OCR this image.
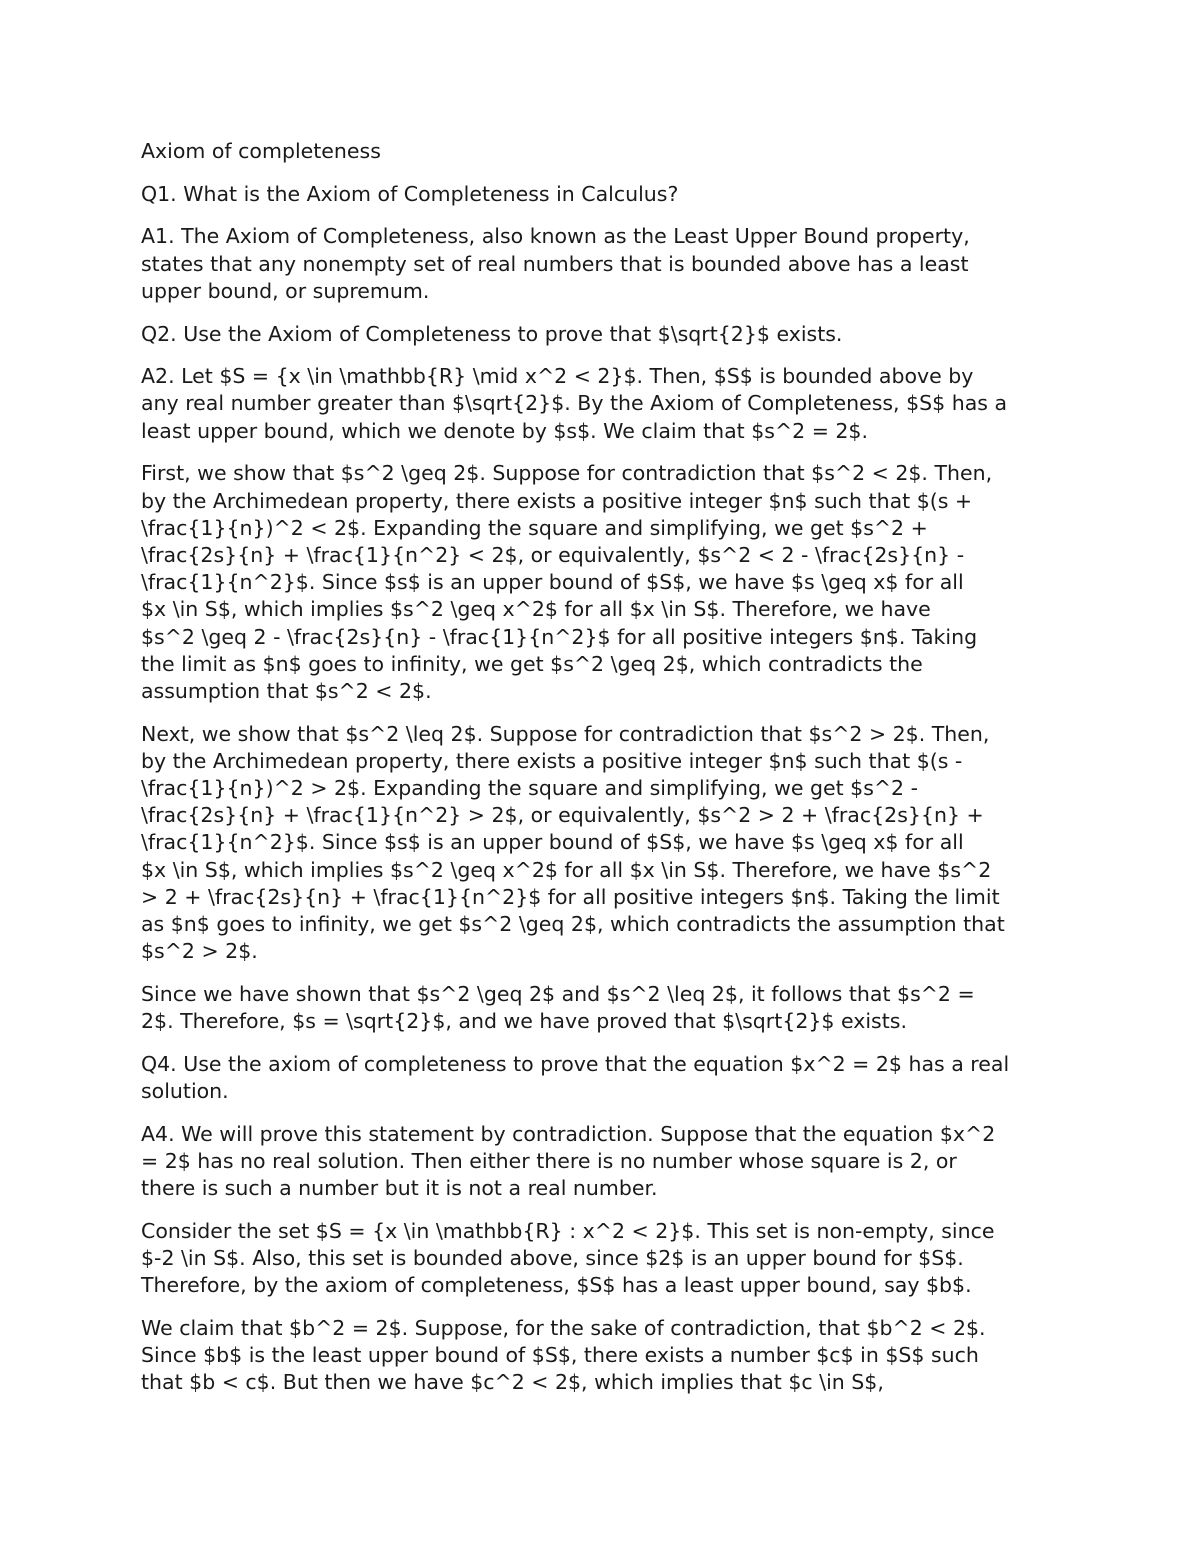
Axiom of completeness

Q1. What is the Axiom of Completeness in Calculus?

A1. The Axiom of Completeness, also known as the Least Upper Bound property,
states that any nonempty set of real numbers that is bounded above has a least
upper bound, or supremum.

Q2. Use the Axiom of Completeness to prove that $\sqrt{2}$ exists.

A2. Let $S = {x \in \mathbb{R} \mid x^2 < 2}$. Then, $S$ is bounded above by
any real number greater than $\sqrt{2}$. By the Axiom of Completeness, $S$ has a
least upper bound, which we denote by $s$. We claim that $s^2 = 2$.

First, we show that $s^2 \geq 2$. Suppose for contradiction that $s^2 < 2$. Then,
by the Archimedean property, there exists a positive integer $n$ such that $(s +
\frac{1}{n})^2 < 2$. Expanding the square and simplifying, we get $s^2 +
\frac{2s}{n} + \frac{1}{n^2} < 2$, or equivalently, $s^2 < 2 - \frac{2s}{n} -
\frac{1}{n^2}$. Since $s$ is an upper bound of $S$, we have $s \geq x$ for all
$x \in S$, which implies $s^2 \geq x^2$ for all $x \in S$. Therefore, we have
$s^2 \geq 2 - \frac{2s}{n} - \frac{1}{n^2}$ for all positive integers $n$. Taking
the limit as $n$ goes to infinity, we get $s^2 \geq 2$, which contradicts the
assumption that $s^2 < 2$.

Next, we show that $s^2 \leq 2$. Suppose for contradiction that $s^2 > 2$. Then,
by the Archimedean property, there exists a positive integer $n$ such that $(s -
\frac{1}{n})^2 > 2$. Expanding the square and simplifying, we get $s^2 -
\frac{2s}{n} + \frac{1}{n^2} > 2$, or equivalently, $s^2 > 2 + \frac{2s}{n} +
\frac{1}{n^2}$. Since $s$ is an upper bound of $S$, we have $s \geq x$ for all
$x \in S$, which implies $s^2 \geq x^2$ for all $x \in S$. Therefore, we have $s^2
> 2 + \frac{2s}{n} + \frac{1}{n^2}$ for all positive integers $n$. Taking the limit
as $n$ goes to infinity, we get $s^2 \geq 2$, which contradicts the assumption that
$s^2 > 2$.

Since we have shown that $s^2 \geq 2$ and $s^2 \leq 2$, it follows that $s^2 =
2$. Therefore, $s = \sqrt{2}$, and we have proved that $\sqrt{2}$ exists.

Q4. Use the axiom of completeness to prove that the equation $x^2 = 2$ has a real
solution.

A4. We will prove this statement by contradiction. Suppose that the equation $x^2
= 2$ has no real solution. Then either there is no number whose square is 2, or
there is such a number but it is not a real number.

Consider the set $S = {x \in \mathbb{R} : x^2 < 2}$. This set is non-empty, since
$-2 \in S$. Also, this set is bounded above, since $2$ is an upper bound for $S$.
Therefore, by the axiom of completeness, $S$ has a least upper bound, say $b$.

We claim that $b^2 = 2$. Suppose, for the sake of contradiction, that $b^2 < 2$.
Since $b$ is the least upper bound of $S$, there exists a number $c$ in $S$ such
that $b < c$. But then we have $c^2 < 2$, which implies that $c \in S$,
